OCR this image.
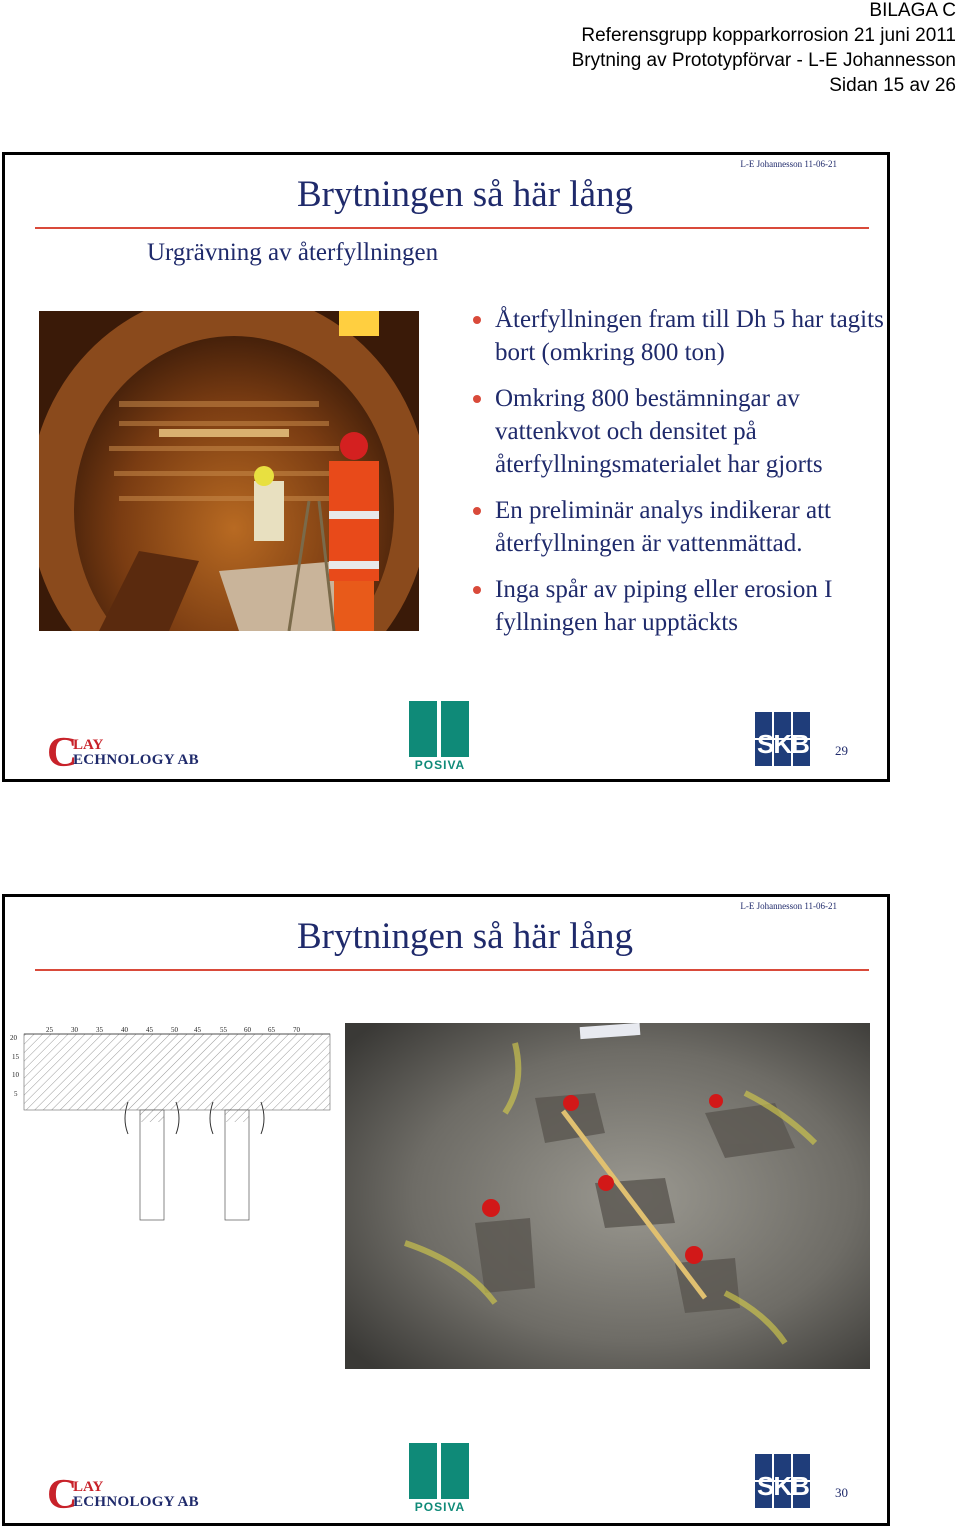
BILAGA C
Referensgrupp kopparkorrosion 21 juni 2011
Brytning av Prototypförvar - L-E Johannesson
Sidan 15 av 26
L-E Johannesson 11-06-21
Brytningen så här lång
Urgrävning av återfyllningen
Återfyllningen fram till Dh 5 har tagits bort (omkring 800 ton)
Omkring 800 bestämningar av vattenkvot och densitet på återfyllningsmaterialet har gjorts
En preliminär analys indikerar att återfyllningen är vattenmättad.
Inga spår av piping eller erosion I fyllningen har upptäckts
C
LAY
ECHNOLOGY AB	POSIVA
SKB 29
L-E Johannesson 11-06-21
Brytningen så här lång
25	30	35	40	45	50 45	55 60 65	70
20
15
10
5
C
LAY
ECHNOLOGY AB	POSIVA
SKB 30
